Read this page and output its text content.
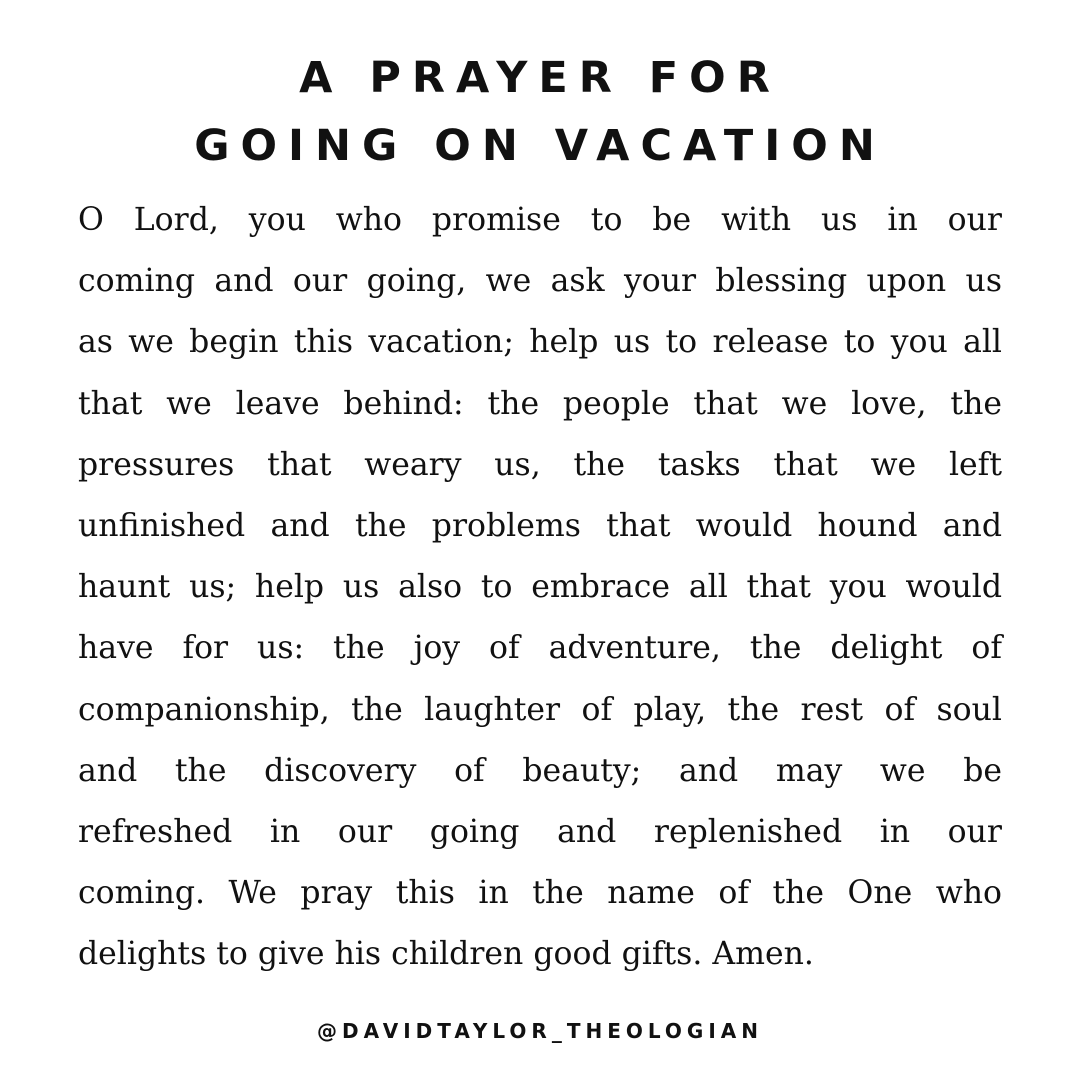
A PRAYER FOR
GOING ON VACATION
O Lord, you who promise to be with us in our
coming and our going, we ask your blessing upon us
as we begin this vacation; help us to release to you all
that we leave behind: the people that we love, the
pressures that weary us, the tasks that we left
unfinished and the problems that would hound and
haunt us; help us also to embrace all that you would
have for us: the joy of adventure, the delight of
companionship, the laughter of play, the rest of soul
and the discovery of beauty; and may we be
refreshed in our going and replenished in our
coming. We pray this in the name of the One who
delights to give his children good gifts. Amen.
@DAVIDTAYLOR_THEOLOGIAN
